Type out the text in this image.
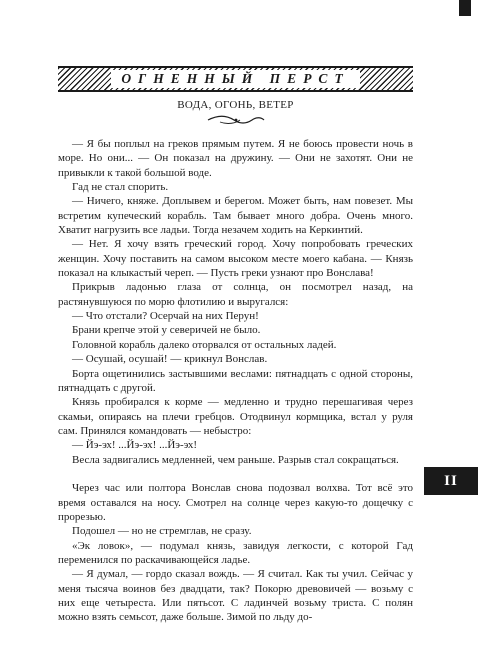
ОГНЕННЫЙ ПЕРСТ
ВОДА, ОГОНЬ, ВЕТЕР

— Я бы поплыл на греков прямым путем. Я не боюсь провести ночь в море. Но они... — Он показал на дружину. — Они не захотят. Они не привыкли к такой большой воде.

Гад не стал спорить.

— Ничего, княже. Доплывем и берегом. Может быть, нам повезет. Мы встретим купеческий корабль. Там бывает много добра. Очень много. Хватит нагрузить все ладьи. Тогда незачем ходить на Керкинтий.

— Нет. Я хочу взять греческий город. Хочу попробовать греческих женщин. Хочу поставить на самом высоком месте моего кабана. — Князь показал на клыкастый череп. — Пусть греки узнают про Вонслава!

Прикрыв ладонью глаза от солнца, он посмотрел назад, на растянувшуюся по морю флотилию и выругался:

— Что отстали? Осерчай на них Перун!

Брани крепче этой у северичей не было.

Головной корабль далеко оторвался от остальных ладей.

— Осушай, осушай! — крикнул Вонслав.

Борта ощетинились застывшими веслами: пятнадцать с одной стороны, пятнадцать с другой.

Князь пробирался к корме — медленно и трудно перешагивая через скамьи, опираясь на плечи гребцов. Отодвинул кормщика, встал у руля сам. Принялся командовать — небыстро:

— Йэ-эх! ...Йэ-эх! ...Йэ-эх!

Весла задвигались медленней, чем раньше. Разрыв стал сокращаться.

Через час или полтора Вонслав снова подозвал волхва. Тот всё это время оставался на носу. Смотрел на солнце через какую-то дощечку с прорезью.

Подошел — но не стремглав, не сразу.

«Эк ловок», — подумал князь, завидуя легкости, с которой Гад переменился по раскачивающейся ладье.

— Я думал, — гордо сказал вождь. — Я считал. Как ты учил. Сейчас у меня тысяча воинов без двадцати, так? Покорю древовичей — возьму с них еще четыреста. Или пятьсот. С ладинчей возьму триста. С полян можно взять семьсот, даже больше. Зимой по льду до-

II
